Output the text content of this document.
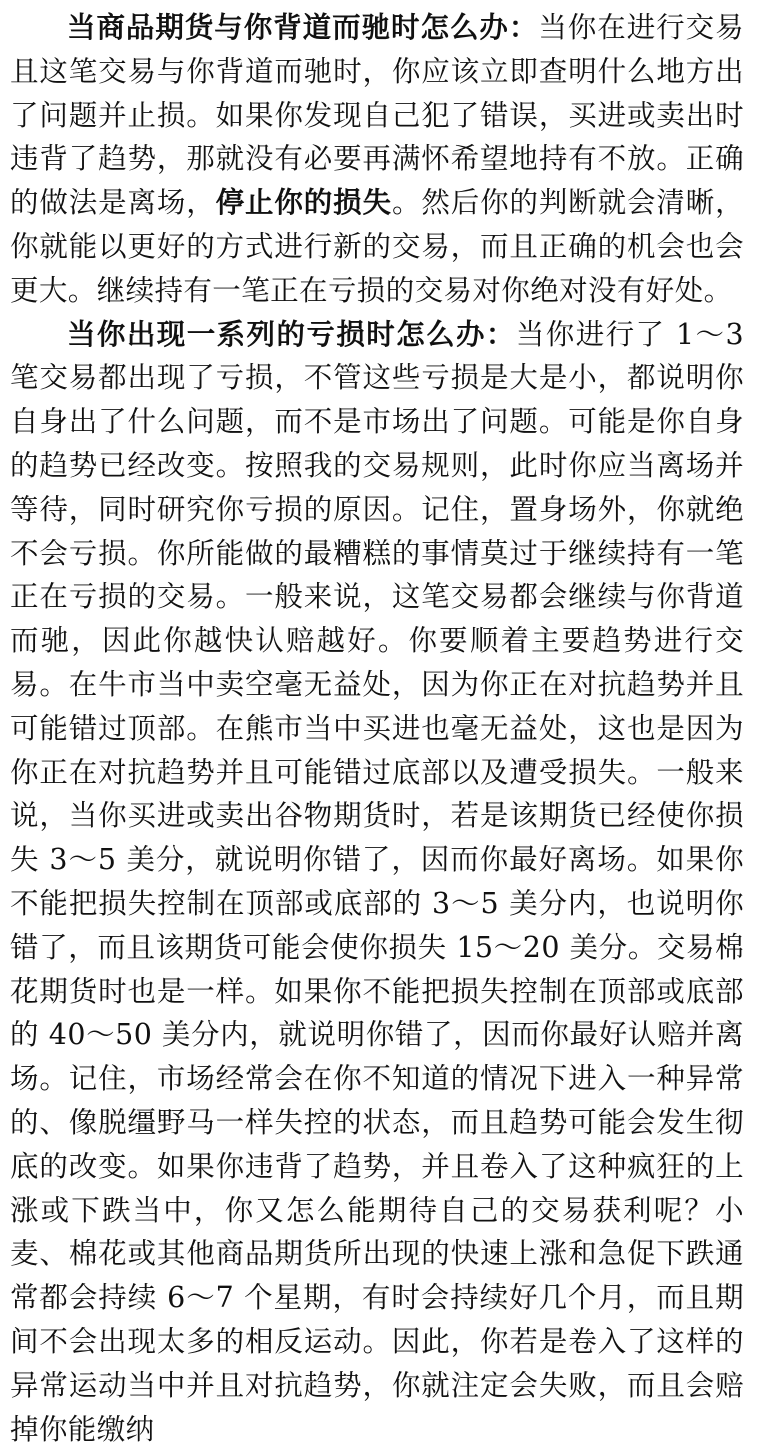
当商品期货与你背道而驰时怎么办：当你在进行交易且这笔交易与你背道而驰时，你应该立即查明什么地方出了问题并止损。如果你发现自己犯了错误，买进或卖出时违背了趋势，那就没有必要再满怀希望地持有不放。正确的做法是离场，停止你的损失。然后你的判断就会清晰，你就能以更好的方式进行新的交易，而且正确的机会也会更大。继续持有一笔正在亏损的交易对你绝对没有好处。

当你出现一系列的亏损时怎么办：当你进行了 1～3 笔交易都出现了亏损，不管这些亏损是大是小，都说明你自身出了什么问题，而不是市场出了问题。可能是你自身的趋势已经改变。按照我的交易规则，此时你应当离场并等待，同时研究你亏损的原因。记住，置身场外，你就绝不会亏损。你所能做的最糟糕的事情莫过于继续持有一笔正在亏损的交易。一般来说，这笔交易都会继续与你背道而驰，因此你越快认赔越好。你要顺着主要趋势进行交易。在牛市当中卖空毫无益处，因为你正在对抗趋势并且可能错过顶部。在熊市当中买进也毫无益处，这也是因为你正在对抗趋势并且可能错过底部以及遭受损失。一般来说，当你买进或卖出谷物期货时，若是该期货已经使你损失 3～5 美分，就说明你错了，因而你最好离场。如果你不能把损失控制在顶部或底部的 3～5 美分内，也说明你错了，而且该期货可能会使你损失 15～20 美分。交易棉花期货时也是一样。如果你不能把损失控制在顶部或底部的 40～50 美分内，就说明你错了，因而你最好认赔并离场。记住，市场经常会在你不知道的情况下进入一种异常的、像脱缰野马一样失控的状态，而且趋势可能会发生彻底的改变。如果你违背了趋势，并且卷入了这种疯狂的上涨或下跌当中，你又怎么能期待自己的交易获利呢？小麦、棉花或其他商品期货所出现的快速上涨和急促下跌通常都会持续 6～7 个星期，有时会持续好几个月，而且期间不会出现太多的相反运动。因此，你若是卷入了这样的异常运动当中并且对抗趋势，你就注定会失败，而且会赔掉你能缴纳
